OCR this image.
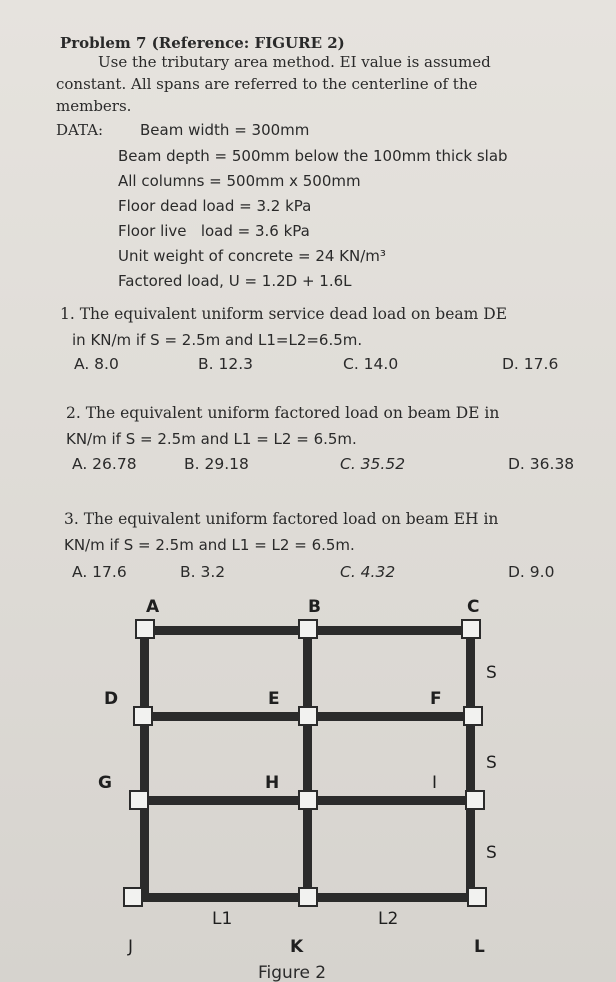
Problem 7 (Reference: FIGURE 2)
Use the tributary area method. EI value is assumed
constant. All spans are referred to the centerline of the
members.
DATA: Beam width = 300mm
Beam depth = 500mm below the 100mm thick slab
All columns = 500mm x 500mm
Floor dead load = 3.2 kPa
Floor live   load = 3.6 kPa
Unit weight of concrete = 24 KN/m³
Factored load, U = 1.2D + 1.6L
1. The equivalent uniform service dead load on beam DE
in KN/m if S = 2.5m and L1=L2=6.5m.
A. 8.0	B. 12.3	C. 14.0	D. 17.6
2. The equivalent uniform factored load on beam DE in
KN/m if S = 2.5m and L1 = L2 = 6.5m.
A. 26.78	B. 29.18	C. 35.52	D. 36.38
3. The equivalent uniform factored load on beam EH in
KN/m if S = 2.5m and L1 = L2 = 6.5m.
A. 17.6	B. 3.2	C. 4.32	D. 9.0
A	B	C
D	E	F
G	H	I
J	K	L
S
S
S
L1	L2
Figure 2
